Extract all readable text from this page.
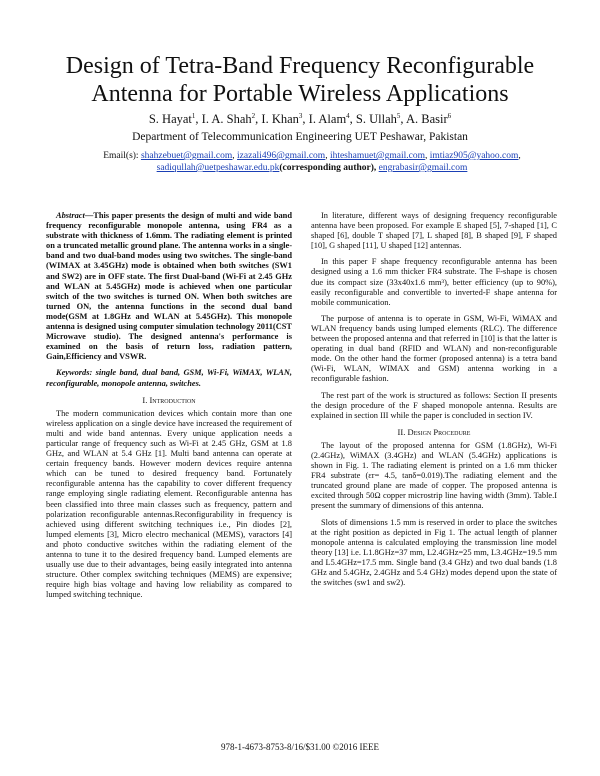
Design of Tetra-Band Frequency Reconfigurable
Antenna for Portable Wireless Applications
S. Hayat$^1$, I. A. Shah$^2$, I. Khan$^3$, I. Alam$^4$, S. Ullah$^5$, A. Basir$^6$
Department of Telecommunication Engineering UET Peshawar, Pakistan
Email(s): shahzebuet@gmail.com, izazali496@gmail.com, ihteshamuet@gmail.com, imtiaz905@yahoo.com,
sadiqullah@uetpeshawar.edu.pk(corresponding author), engrabasir@gmail.com

Abstract—This paper presents the design of multi and wide band frequency reconfigurable monopole antenna, using FR4 as a substrate with thickness of 1.6mm. The radiating element is printed on a truncated metallic ground plane. The antenna works in a single-band and two dual-band modes using two switches. The single-band (WIMAX at 3.45GHz) mode is obtained when both switches (SW1 and SW2) are in OFF state. The first Dual-band (Wi-Fi at 2.45 GHz and WLAN at 5.45GHz) mode is achieved when one particular switch of the two switches is turned ON. When both switches are turned ON, the antenna functions in the second dual band mode(GSM at 1.8GHz and WLAN at 5.45GHz). This monopole antenna is designed using computer simulation technology 2011(CST Microwave studio). The designed antenna's performance is examined on the basis of return loss, radiation pattern, Gain,Efficiency and VSWR.

Keywords: single band, dual band, GSM, Wi-Fi, WiMAX, WLAN, reconfigurable, monopole antenna, switches.

I. Introduction

The modern communication devices which contain more than one wireless application on a single device have increased the requirement of multi and wide band antennas. Every unique application needs a particular range of frequency such as Wi-Fi at 2.45 GHz, GSM at 1.8 GHz, and WLAN at 5.4 GHz [1]. Multi band antenna can operate at certain frequency bands. However modern devices require antenna which can be tuned to desired frequency band. Fortunately reconfigurable antenna has the capability to cover different frequency range employing single radiating element. Reconfigurable antenna has been classified into three main classes such as frequency, pattern and polarization reconfigurable antennas.Reconfigurability in frequency is achieved using different switching techniques i.e., Pin diodes [2], lumped elements [3], Micro electro mechanical (MEMS), varactors [4] and photo conductive switches within the radiating element of the antenna to tune it to the desired frequency band. Lumped elements are usually use due to their advantages, being easily integrated into antenna structure. Other complex switching techniques (MEMS) are expensive; require high bias voltage and having low reliability as compared to lumped switching technique.

In literature, different ways of designing frequency reconfigurable antenna have been proposed. For example E shaped [5], 7-shaped [1], C shaped [6], double T shaped [7], L shaped [8], B shaped [9], F shaped [10], G shaped [11], U shaped [12] antennas.

In this paper F shape frequency reconfigurable antenna has been designed using a 1.6 mm thicker FR4 substrate. The F-shape is chosen due its compact size (33x40x1.6 mm³), better efficiency (up to 90%), easily reconfigurable and convertible to inverted-F shape antenna for mobile communication.

The purpose of antenna is to operate in GSM, Wi-Fi, WiMAX and WLAN frequency bands using lumped elements (RLC). The difference between the proposed antenna and that referred in [10] is that the latter is operating in dual band (RFID and WLAN) and non-reconfigurable mode. On the other hand the former (proposed antenna) is a tetra band (Wi-Fi, WLAN, WIMAX and GSM) antenna working in a reconfigurable fashion.

The rest part of the work is structured as follows: Section II presents the design procedure of the F shaped monopole antenna. Results are explained in section III while the paper is concluded in section IV.

II. Design Procedure

The layout of the proposed antenna for GSM (1.8GHz), Wi-Fi (2.4GHz), WiMAX (3.4GHz) and WLAN (5.4GHz) applications is shown in Fig. 1. The radiating element is printed on a 1.6 mm thicker FR4 substrate (εr= 4.5, tanδ=0.019).The radiating element and the truncated ground plane are made of copper. The proposed antenna is excited through 50Ω copper microstrip line having width (3mm). Table.I present the summary of dimensions of this antenna.

Slots of dimensions 1.5 mm is reserved in order to place the switches at the right position as depicted in Fig 1. The actual length of planner monopole antenna is calculated employing the transmission line model theory [13] i.e. L1.8GHz=37 mm, L2.4GHz=25 mm, L3.4GHz=19.5 mm and L5.4GHz=17.5 mm. Single band (3.4 GHz) and two dual bands (1.8 GHz and 5.4GHz, 2.4GHz and 5.4 GHz) modes depend upon the state of the switches (sw1 and sw2).

978-1-4673-8753-8/16/$31.00 ©2016 IEEE
